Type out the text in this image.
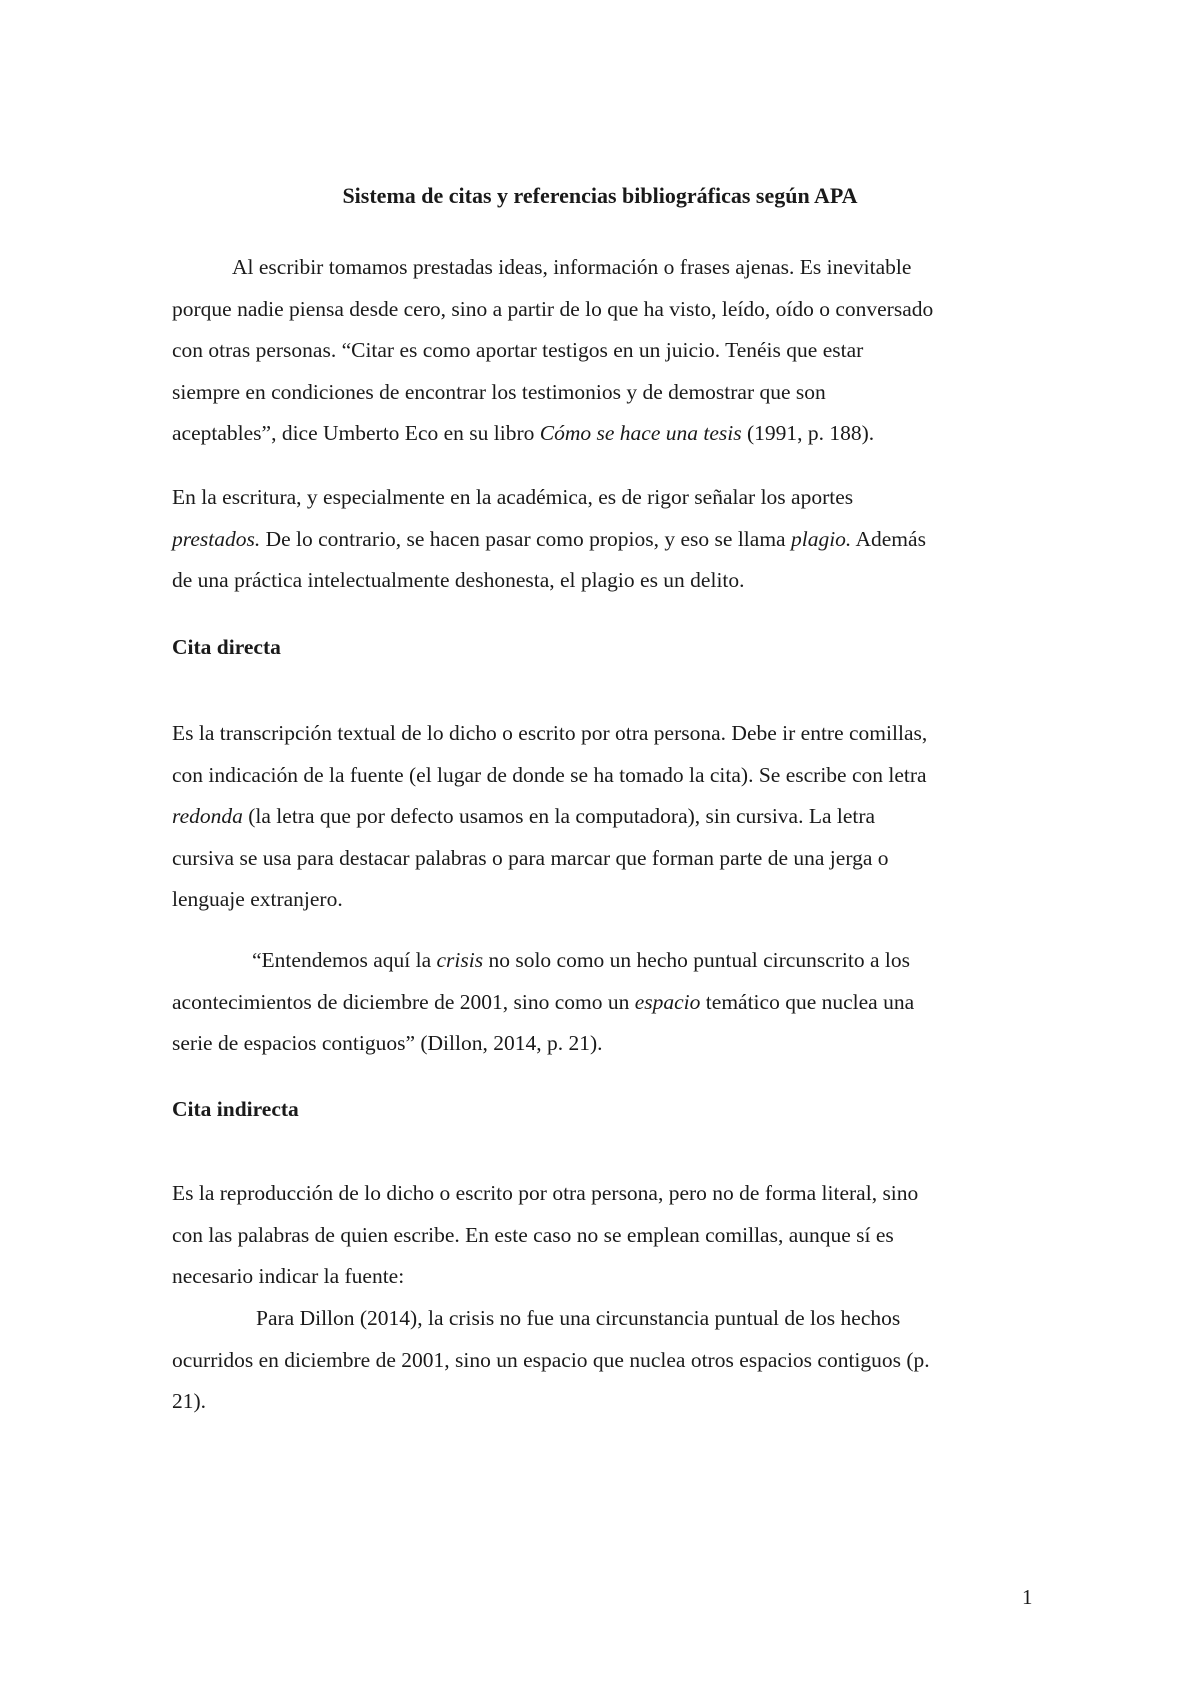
Sistema de citas y referencias bibliográficas según APA
Al escribir tomamos prestadas ideas, información o frases ajenas. Es inevitable
porque nadie piensa desde cero, sino a partir de lo que ha visto, leído, oído o conversado
con otras personas. “Citar es como aportar testigos en un juicio. Tenéis que estar
siempre en condiciones de encontrar los testimonios y de demostrar que son
aceptables”, dice Umberto Eco en su libro Cómo se hace una tesis (1991, p. 188).
En la escritura, y especialmente en la académica, es de rigor señalar los aportes
prestados. De lo contrario, se hacen pasar como propios, y eso se llama plagio. Además
de una práctica intelectualmente deshonesta, el plagio es un delito.
Cita directa
Es la transcripción textual de lo dicho o escrito por otra persona. Debe ir entre comillas,
con indicación de la fuente (el lugar de donde se ha tomado la cita). Se escribe con letra
redonda (la letra que por defecto usamos en la computadora), sin cursiva. La letra
cursiva se usa para destacar palabras o para marcar que forman parte de una jerga o
lenguaje extranjero.
“Entendemos aquí la crisis no solo como un hecho puntual circunscrito a los
acontecimientos de diciembre de 2001, sino como un espacio temático que nuclea una
serie de espacios contiguos” (Dillon, 2014, p. 21).
Cita indirecta
Es la reproducción de lo dicho o escrito por otra persona, pero no de forma literal, sino
con las palabras de quien escribe. En este caso no se emplean comillas, aunque sí es
necesario indicar la fuente:
Para Dillon (2014), la crisis no fue una circunstancia puntual de los hechos
ocurridos en diciembre de 2001, sino un espacio que nuclea otros espacios contiguos (p.
21).
1
